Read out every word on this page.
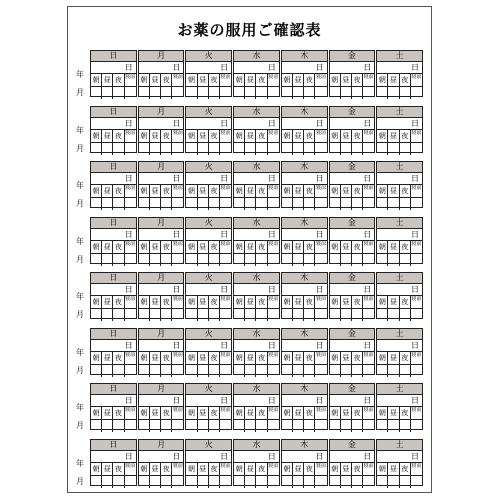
お薬の服用ご確認表
年
月
日
日
朝 昼 夜 寝前
月
日
朝 昼 夜 寝前
火
日
朝 昼 夜 寝前
水
日
朝 昼 夜 寝前
木
日
朝 昼 夜 寝前
金
日
朝 昼 夜 寝前
土
日
朝 昼 夜 寝前
年
月
日
日
朝 昼 夜 寝前
月
日
朝 昼 夜 寝前
火
日
朝 昼 夜 寝前
水
日
朝 昼 夜 寝前
木
日
朝 昼 夜 寝前
金
日
朝 昼 夜 寝前
土
日
朝 昼 夜 寝前
年
月
日
日
朝 昼 夜 寝前
月
日
朝 昼 夜 寝前
火
日
朝 昼 夜 寝前
水
日
朝 昼 夜 寝前
木
日
朝 昼 夜 寝前
金
日
朝 昼 夜 寝前
土
日
朝 昼 夜 寝前
年
月
日
日
朝 昼 夜 寝前
月
日
朝 昼 夜 寝前
火
日
朝 昼 夜 寝前
水
日
朝 昼 夜 寝前
木
日
朝 昼 夜 寝前
金
日
朝 昼 夜 寝前
土
日
朝 昼 夜 寝前
年
月
日
日
朝 昼 夜 寝前
月
日
朝 昼 夜 寝前
火
日
朝 昼 夜 寝前
水
日
朝 昼 夜 寝前
木
日
朝 昼 夜 寝前
金
日
朝 昼 夜 寝前
土
日
朝 昼 夜 寝前
年
月
日
日
朝 昼 夜 寝前
月
日
朝 昼 夜 寝前
火
日
朝 昼 夜 寝前
水
日
朝 昼 夜 寝前
木
日
朝 昼 夜 寝前
金
日
朝 昼 夜 寝前
土
日
朝 昼 夜 寝前
年
月
日
日
朝 昼 夜 寝前
月
日
朝 昼 夜 寝前
火
日
朝 昼 夜 寝前
水
日
朝 昼 夜 寝前
木
日
朝 昼 夜 寝前
金
日
朝 昼 夜 寝前
土
日
朝 昼 夜 寝前
年
月
日
日
朝 昼 夜 寝前
月
日
朝 昼 夜 寝前
火
日
朝 昼 夜 寝前
水
日
朝 昼 夜 寝前
木
日
朝 昼 夜 寝前
金
日
朝 昼 夜 寝前
土
日
朝 昼 夜 寝前
